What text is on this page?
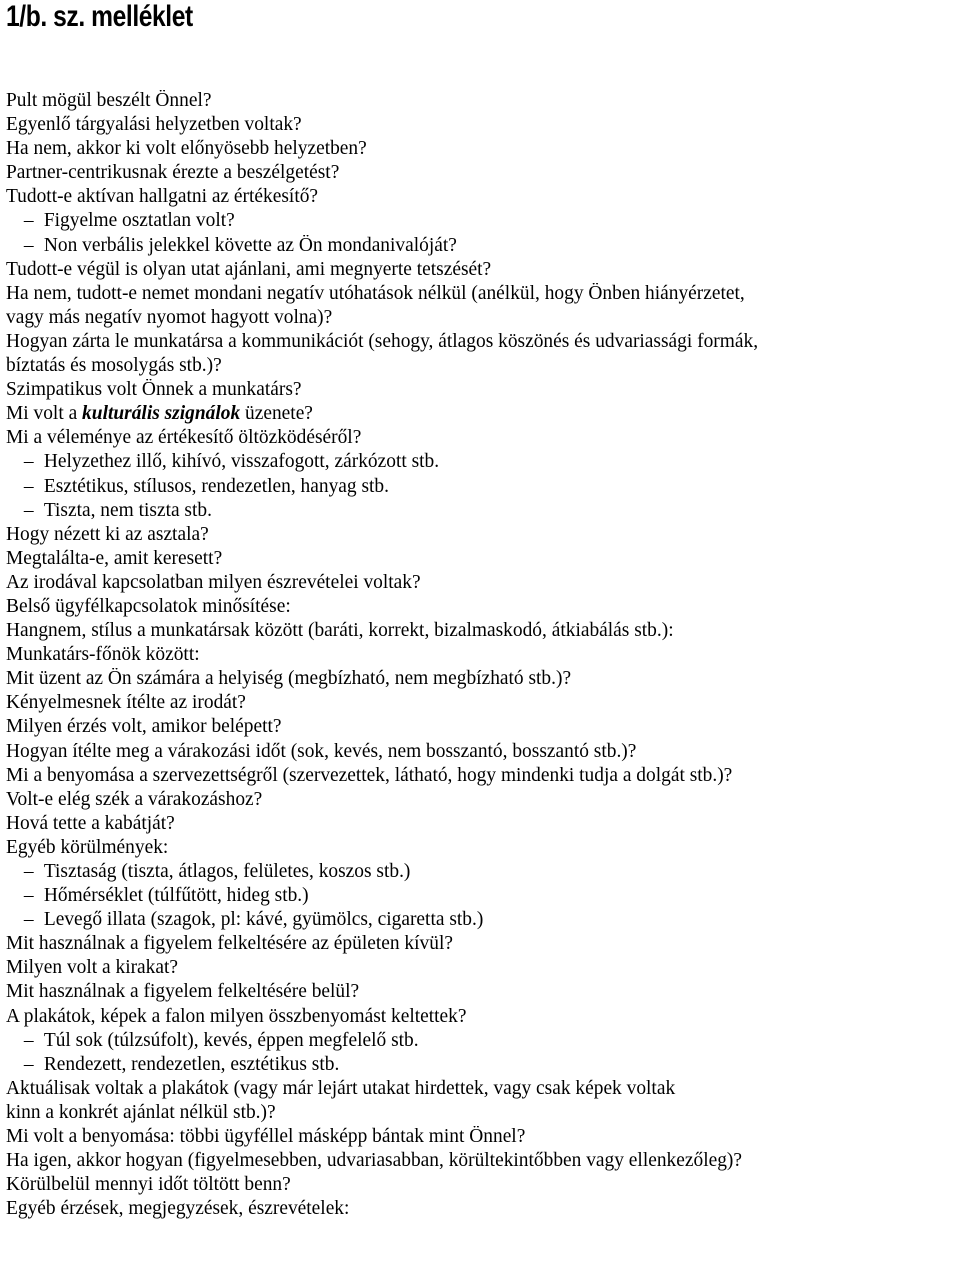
1/b. sz. melléklet
Pult mögül beszélt Önnel?
Egyenlő tárgyalási helyzetben voltak?
Ha nem, akkor ki volt előnyösebb helyzetben?
Partner-centrikusnak érezte a beszélgetést?
Tudott-e aktívan hallgatni az értékesítő?
– Figyelme osztatlan volt?
– Non verbális jelekkel követte az Ön mondanivalóját?
Tudott-e végül is olyan utat ajánlani, ami megnyerte tetszését?
Ha nem, tudott-e nemet mondani negatív utóhatások nélkül (anélkül, hogy Önben hiányérzetet,
vagy más negatív nyomot hagyott volna)?
Hogyan zárta le munkatársa a kommunikációt (sehogy, átlagos köszönés és udvariassági formák,
bíztatás és mosolygás stb.)?
Szimpatikus volt Önnek a munkatárs?
Mi volt a kulturális szignálok üzenete?
Mi a véleménye az értékesítő öltözködéséről?
– Helyzethez illő, kihívó, visszafogott, zárkózott stb.
– Esztétikus, stílusos, rendezetlen, hanyag stb.
– Tiszta, nem tiszta stb.
Hogy nézett ki az asztala?
Megtalálta-e, amit keresett?
Az irodával kapcsolatban milyen észrevételei voltak?
Belső ügyfélkapcsolatok minősítése:
Hangnem, stílus a munkatársak között (baráti, korrekt, bizalmaskodó, átkiabálás stb.):
Munkatárs-főnök között:
Mit üzent az Ön számára a helyiség (megbízható, nem megbízható stb.)?
Kényelmesnek ítélte az irodát?
Milyen érzés volt, amikor belépett?
Hogyan ítélte meg a várakozási időt (sok, kevés, nem bosszantó, bosszantó stb.)?
Mi a benyomása a szervezettségről (szervezettek, látható, hogy mindenki tudja a dolgát stb.)?
Volt-e elég szék a várakozáshoz?
Hová tette a kabátját?
Egyéb körülmények:
– Tisztaság (tiszta, átlagos, felületes, koszos stb.)
– Hőmérséklet (túlfűtött, hideg stb.)
– Levegő illata (szagok, pl: kávé, gyümölcs, cigaretta stb.)
Mit használnak a figyelem felkeltésére az épületen kívül?
Milyen volt a kirakat?
Mit használnak a figyelem felkeltésére belül?
A plakátok, képek a falon milyen összbenyomást keltettek?
– Túl sok (túlzsúfolt), kevés, éppen megfelelő stb.
– Rendezett, rendezetlen, esztétikus stb.
Aktuálisak voltak a plakátok (vagy már lejárt utakat hirdettek, vagy csak képek voltak
kinn a konkrét ajánlat nélkül stb.)?
Mi volt a benyomása: többi ügyféllel másképp bántak mint Önnel?
Ha igen, akkor hogyan (figyelmesebben, udvariasabban, körültekintőbben vagy ellenkezőleg)?
Körülbelül mennyi időt töltött benn?
Egyéb érzések, megjegyzések, észrevételek:
